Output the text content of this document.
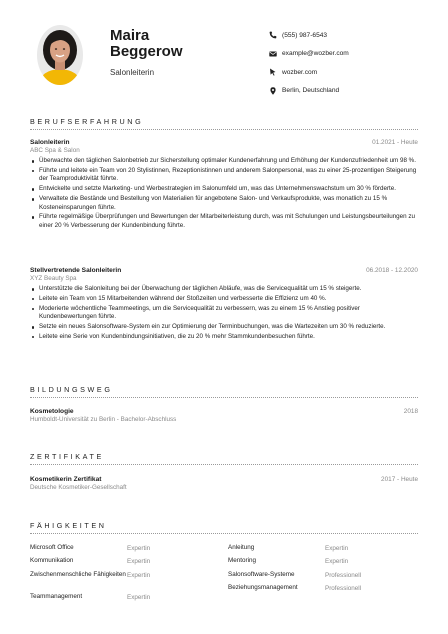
Maira
Beggerow
Salonleiterin
(555) 987-6543
example@wozber.com
wozber.com
Berlin, Deutschland
BERUFSERFAHRUNG
Salonleiterin	01.2021 - Heute
ABC Spa & Salon
Überwachte den täglichen Salonbetrieb zur Sicherstellung optimaler Kundenerfahrung und Erhöhung der Kundenzufriedenheit um 98 %.
Führte und leitete ein Team von 20 Stylistinnen, Rezeptionistinnen und anderem Salonpersonal, was zu einer 25-prozentigen Steigerung der Teamproduktivität führte.
Entwickelte und setzte Marketing- und Werbestrategien im Salonumfeld um, was das Unternehmenswachstum um 30 % förderte.
Verwaltete die Bestände und Bestellung von Materialien für angebotene Salon- und Verkaufsprodukte, was monatlich zu 15 % Kosteneinsparungen führte.
Führte regelmäßige Überprüfungen und Bewertungen der Mitarbeiterleistung durch, was mit Schulungen und Leistungsbeurteilungen zu einer 20 % Verbesserung der Kundenbindung führte.
Stellvertretende Salonleiterin	06.2018 - 12.2020
XYZ Beauty Spa
Unterstützte die Salonleitung bei der Überwachung der täglichen Abläufe, was die Servicequalität um 15 % steigerte.
Leitete ein Team von 15 Mitarbeitenden während der Stoßzeiten und verbesserte die Effizienz um 40 %.
Moderierte wöchentliche Teammeetings, um die Servicequalität zu verbessern, was zu einem 15 % Anstieg positiver Kundenbewertungen führte.
Setzte ein neues Salonsoftware-System ein zur Optimierung der Terminbuchungen, was die Wartezeiten um 30 % reduzierte.
Leitete eine Serie von Kundenbindungsinitiativen, die zu 20 % mehr Stammkundenbesuchen führte.
BILDUNGSWEG
Kosmetologie	2018
Humboldt-Universität zu Berlin - Bachelor-Abschluss
ZERTIFIKATE
Kosmetikerin Zertifikat	2017 - Heute
Deutsche Kosmetiker-Gesellschaft
FÄHIGKEITEN
Microsoft Office	Expertin	Anleitung	Expertin
Kommunikation	Expertin	Mentoring	Expertin
Zwischenmenschliche Fähigkeiten Expertin	Salonsoftware-Systeme	Professionell
Teammanagement	Expertin
Beziehungsmanagement	Professionell
